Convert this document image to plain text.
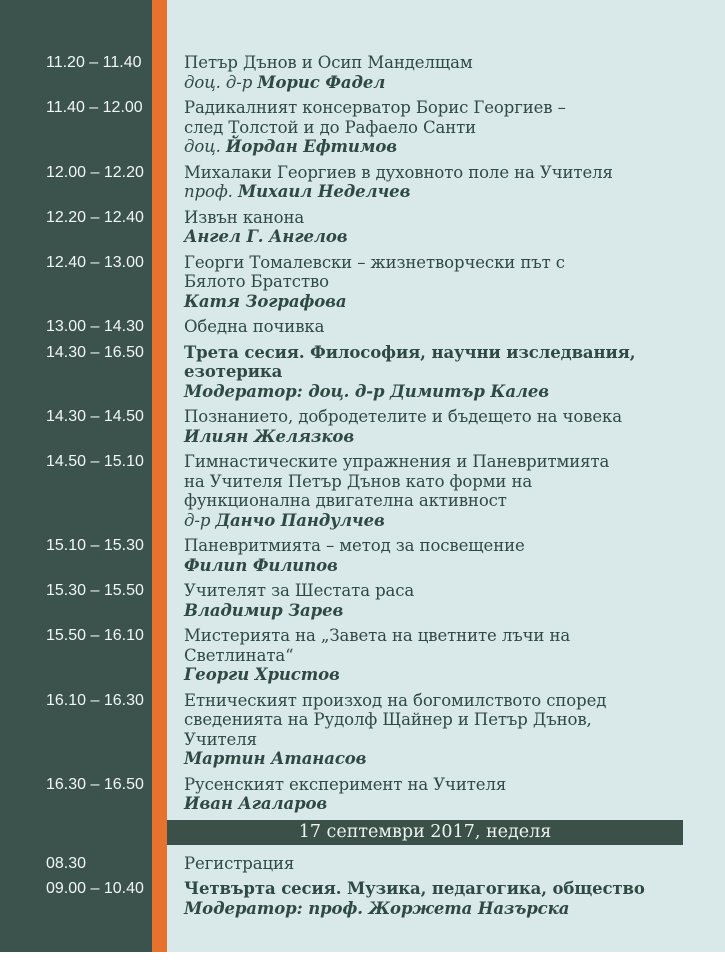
11.20 – 11.40	Петър Дънов и Осип Манделщам
доц. д-р Морис Фадел
11.40 – 12.00	Радикалният консерватор Борис Георгиев –
след Толстой и до Рафаело Санти
доц. Йордан Ефтимов
12.00 – 12.20	Михалаки Георгиев в духовното поле на Учителя
проф. Михаил Неделчев
12.20 – 12.40	Извън канона
Ангел Г. Ангелов
12.40 – 13.00	Георги Томалевски – жизнетворчески път с
Бялото Братство
Катя Зографова
13.00 – 14.30	Обедна почивка
14.30 – 16.50	Трета сесия. Философия, научни изследвания,
езотерика
Модератор: доц. д-р Димитър Калев
14.30 – 14.50	Познанието, добродетелите и бъдещето на човека
Илиян Желязков
14.50 – 15.10	Гимнастическите упражнения и Паневритмията
на Учителя Петър Дънов като форми на
функционална двигателна активност
д-р Данчо Пандулчев
15.10 – 15.30	Паневритмията – метод за посвещение
Филип Филипов
15.30 – 15.50	Учителят за Шестата раса
Владимир Зарев
15.50 – 16.10	Мистерията на „Завета на цветните лъчи на
Светлината“
Георги Христов
16.10 – 16.30	Етническият произход на богомилството според
сведенията на Рудолф Щайнер и Петър Дънов,
Учителя
Мартин Атанасов
16.30 – 16.50	Русенският експеримент на Учителя
Иван Агаларов
17 септември 2017, неделя
08.30	Регистрация
09.00 – 10.40	Четвърта сесия. Музика, педагогика, общество
Модератор: проф. Жоржета Назърска
